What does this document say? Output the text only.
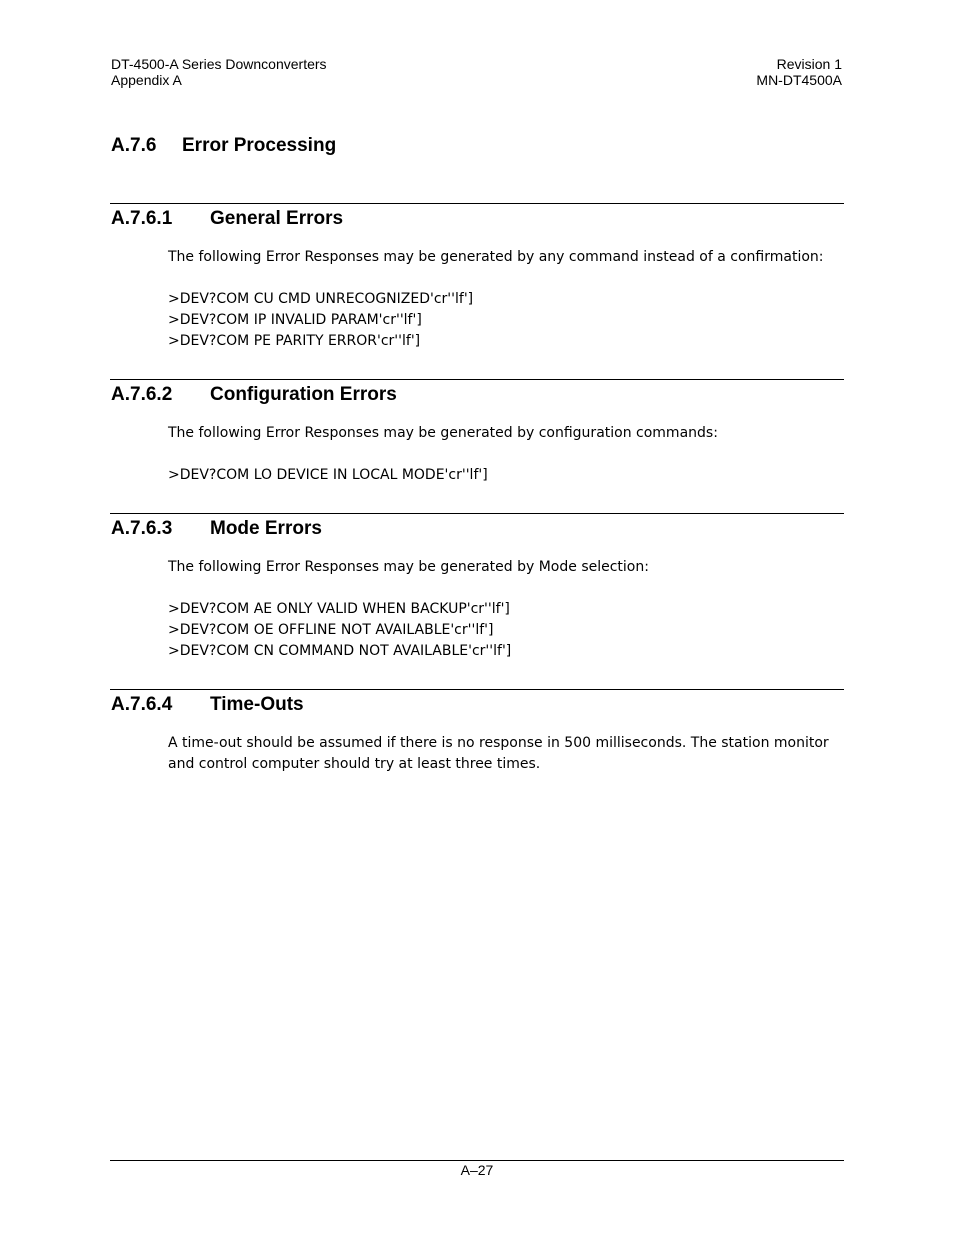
DT-4500-A Series Downconverters
Appendix A
Revision 1
MN-DT4500A
A.7.6 Error Processing
A.7.6.1 General Errors
The following Error Responses may be generated by any command instead of a confirmation:
>DEV?COM CU CMD UNRECOGNIZED'cr''lf']
>DEV?COM IP INVALID PARAM'cr''lf']
>DEV?COM PE PARITY ERROR'cr''lf']
A.7.6.2 Configuration Errors
The following Error Responses may be generated by configuration commands:
>DEV?COM LO DEVICE IN LOCAL MODE'cr''lf']
A.7.6.3 Mode Errors
The following Error Responses may be generated by Mode selection:
>DEV?COM AE ONLY VALID WHEN BACKUP'cr''lf']
>DEV?COM OE OFFLINE NOT AVAILABLE'cr''lf']
>DEV?COM CN COMMAND NOT AVAILABLE'cr''lf']
A.7.6.4 Time-Outs
A time-out should be assumed if there is no response in 500 milliseconds. The station monitor
and control computer should try at least three times.
A–27
